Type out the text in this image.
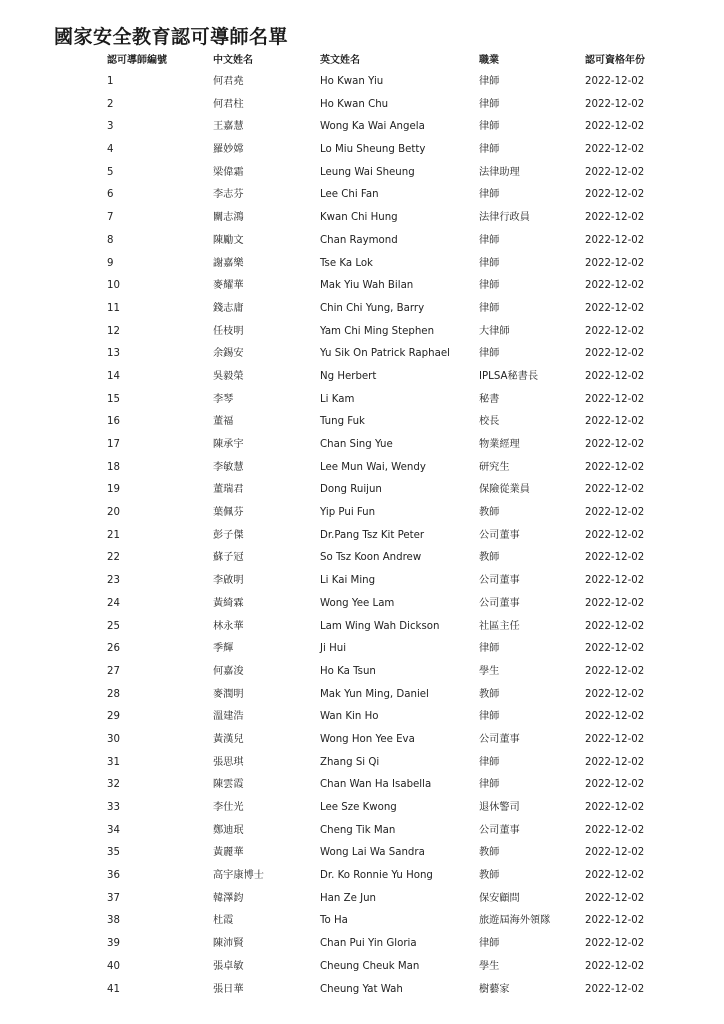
國家安全教育認可導師名單
認可導師編號	中文姓名	英文姓名	職業	認可資格年份
1	何君堯	Ho Kwan Yiu	律師	2022-12-02
2	何君柱	Ho Kwan Chu	律師	2022-12-02
3	王嘉慧	Wong Ka Wai Angela	律師	2022-12-02
4	羅妙嫦	Lo Miu Sheung Betty	律師	2022-12-02
5	梁偉霜	Leung Wai Sheung	法律助理	2022-12-02
6	李志芬	Lee Chi Fan	律師	2022-12-02
7	關志鴻	Kwan Chi Hung	法律行政員	2022-12-02
8	陳勵文	Chan Raymond	律師	2022-12-02
9	謝嘉樂	Tse Ka Lok	律師	2022-12-02
10	麥耀華	Mak Yiu Wah Bilan	律師	2022-12-02
11	錢志庸	Chin Chi Yung, Barry	律師	2022-12-02
12	任枝明	Yam Chi Ming Stephen	大律師	2022-12-02
13	余錫安	Yu Sik On Patrick Raphael	律師	2022-12-02
14	吳毅榮	Ng Herbert	IPLSA秘書長	2022-12-02
15	李琴	Li Kam	秘書	2022-12-02
16	董福	Tung Fuk	校長	2022-12-02
17	陳承宇	Chan Sing Yue	物業經理	2022-12-02
18	李敏慧	Lee Mun Wai, Wendy	研究生	2022-12-02
19	董瑞君	Dong Ruijun	保險從業員	2022-12-02
20	葉佩芬	Yip Pui Fun	教師	2022-12-02
21	彭子傑	Dr.Pang Tsz Kit Peter	公司董事	2022-12-02
22	蘇子冠	So Tsz Koon Andrew	教師	2022-12-02
23	李啟明	Li Kai Ming	公司董事	2022-12-02
24	黃綺霖	Wong Yee Lam	公司董事	2022-12-02
25	林永華	Lam Wing Wah Dickson	社區主任	2022-12-02
26	季輝	Ji Hui	律師	2022-12-02
27	何嘉浚	Ho Ka Tsun	學生	2022-12-02
28	麥潤明	Mak Yun Ming, Daniel	教師	2022-12-02
29	溫建浩	Wan Kin Ho	律師	2022-12-02
30	黃漢兒	Wong Hon Yee Eva	公司董事	2022-12-02
31	張思琪	Zhang Si Qi	律師	2022-12-02
32	陳雲霞	Chan Wan Ha Isabella	律師	2022-12-02
33	李仕光	Lee Sze Kwong	退休警司	2022-12-02
34	鄭迪珉	Cheng Tik Man	公司董事	2022-12-02
35	黃麗華	Wong Lai Wa Sandra	教師	2022-12-02
36	高宇康博士	Dr. Ko Ronnie Yu Hong	教師	2022-12-02
37	韓澤鈞	Han Ze Jun	保安顧問	2022-12-02
38	杜霞	To Ha	旅遊屆海外領隊	2022-12-02
39	陳沛賢	Chan Pui Yin Gloria	律師	2022-12-02
40	張卓敏	Cheung Cheuk Man	學生	2022-12-02
41	張日華	Cheung Yat Wah	樹藝家	2022-12-02
